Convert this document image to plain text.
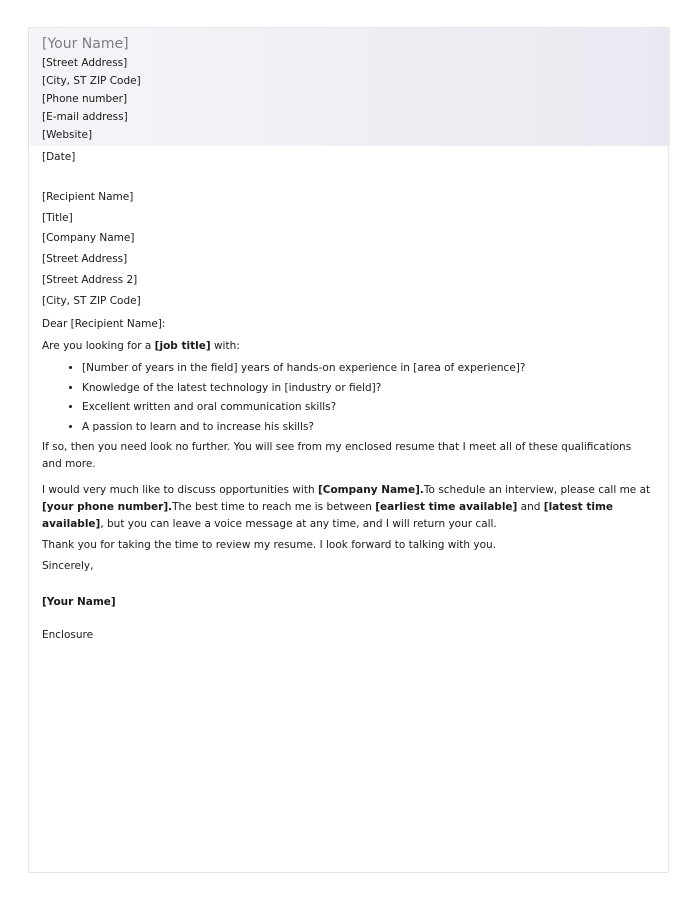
[Your Name]
[Street Address]
[City, ST ZIP Code]
[Phone number]
[E-mail address]
[Website]
[Date]
[Recipient Name]
[Title]
[Company Name]
[Street Address]
[Street Address 2]
[City, ST ZIP Code]
Dear [Recipient Name]:

Are you looking for a [job title] with:

• [Number of years in the field] years of hands-on experience in [area of experience]?
• Knowledge of the latest technology in [industry or field]?
• Excellent written and oral communication skills?
• A passion to learn and to increase his skills?

If so, then you need look no further. You will see from my enclosed resume that I meet all of these qualifications and more.

I would very much like to discuss opportunities with [Company Name].To schedule an interview, please call me at [your phone number].The best time to reach me is between [earliest time available] and [latest time available], but you can leave a voice message at any time, and I will return your call.

Thank you for taking the time to review my resume. I look forward to talking with you.

Sincerely,

[Your Name]

Enclosure
